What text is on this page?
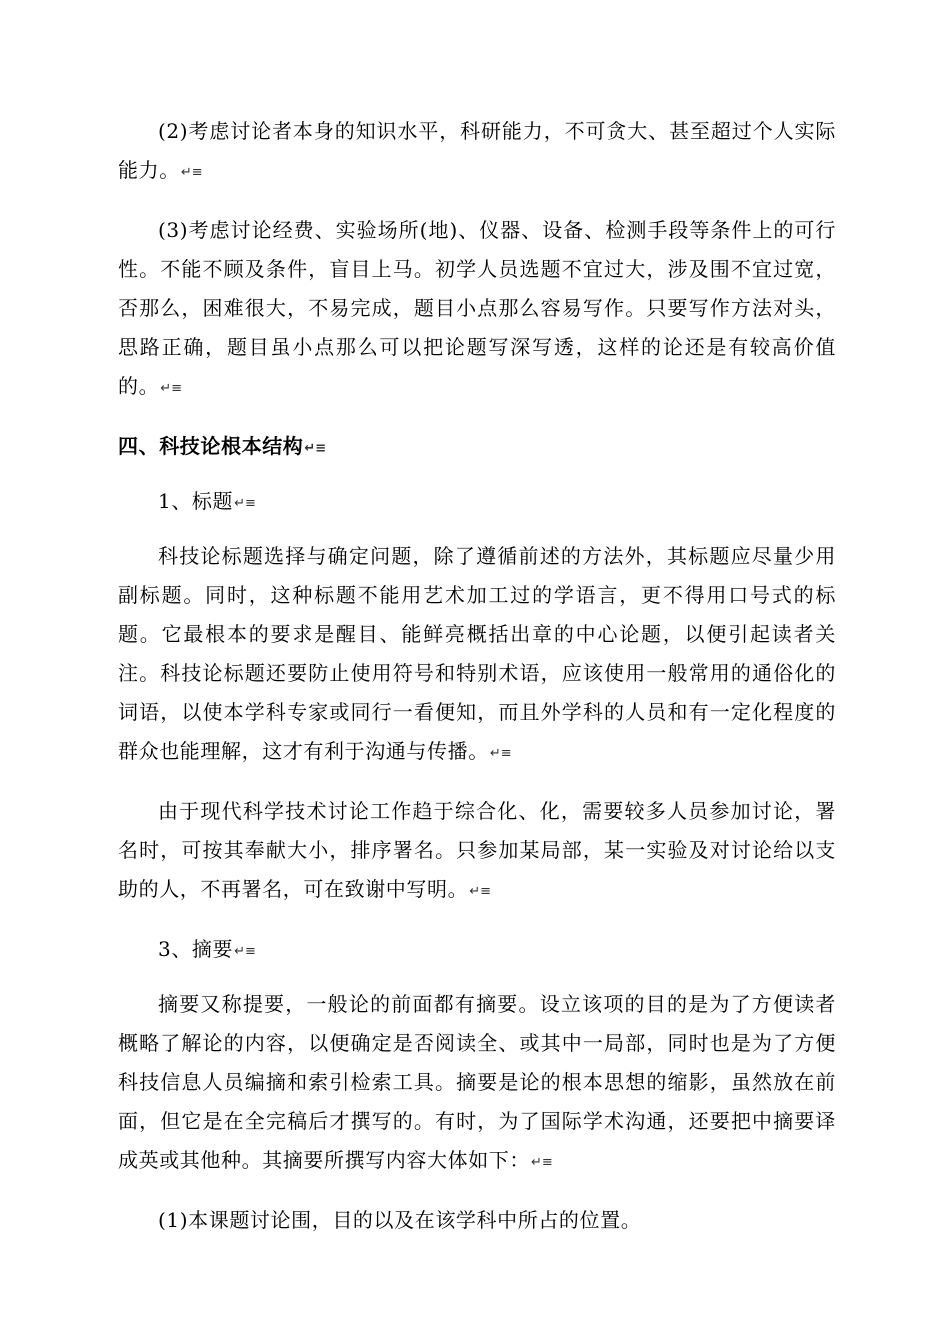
(2)考虑讨论者本身的知识水平，科研能力，不可贪大、甚至超过个人实际能力。↵≡

(3)考虑讨论经费、实验场所(地)、仪器、设备、检测手段等条件上的可行性。不能不顾及条件，盲目上马。初学人员选题不宜过大，涉及围不宜过宽，否那么，困难很大，不易完成，题目小点那么容易写作。只要写作方法对头，思路正确，题目虽小点那么可以把论题写深写透，这样的论还是有较高价值的。↵≡

四、科技论根本结构↵≡

1、标题↵≡

科技论标题选择与确定问题，除了遵循前述的方法外，其标题应尽量少用副标题。同时，这种标题不能用艺术加工过的学语言，更不得用口号式的标题。它最根本的要求是醒目、能鲜亮概括出章的中心论题，以便引起读者关注。科技论标题还要防止使用符号和特别术语，应该使用一般常用的通俗化的词语，以使本学科专家或同行一看便知，而且外学科的人员和有一定化程度的群众也能理解，这才有利于沟通与传播。↵≡

由于现代科学技术讨论工作趋于综合化、化，需要较多人员参加讨论，署名时，可按其奉献大小，排序署名。只参加某局部，某一实验及对讨论给以支助的人，不再署名，可在致谢中写明。↵≡

3、摘要↵≡

摘要又称提要，一般论的前面都有摘要。设立该项的目的是为了方便读者概略了解论的内容，以便确定是否阅读全、或其中一局部，同时也是为了方便科技信息人员编摘和索引检索工具。摘要是论的根本思想的缩影，虽然放在前面，但它是在全完稿后才撰写的。有时，为了国际学术沟通，还要把中摘要译成英或其他种。其摘要所撰写内容大体如下：↵≡

(1)本课题讨论围，目的以及在该学科中所占的位置。
